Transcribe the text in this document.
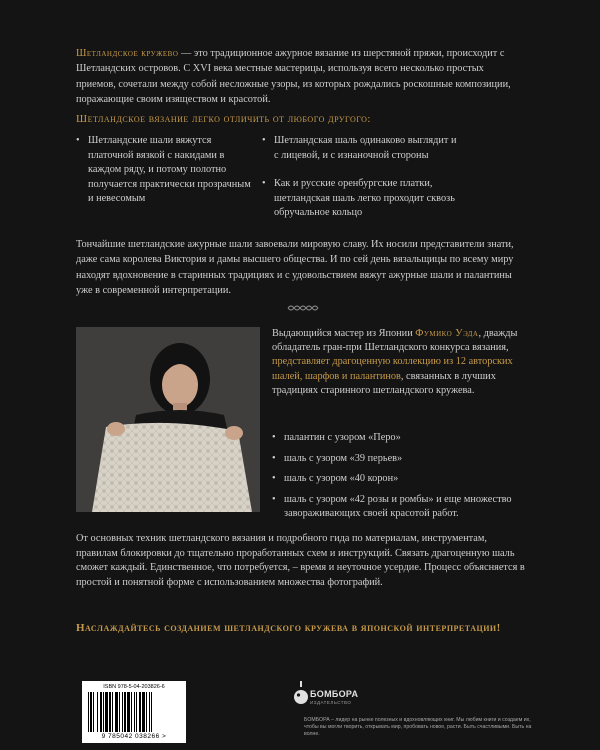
Шетландское кружево — это традиционное ажурное вязание из шерстяной пряжи, происходит с Шетландских островов. С XVI века местные мастерицы, используя всего несколько простых приемов, сочетали между собой несложные узоры, из которых рождались роскошные композиции, поражающие своим изяществом и красотой.

Шетландское вязание легко отличить от любого другого:

• Шетландские шали вяжутся платочной вязкой с накидами в каждом ряду, и потому полотно получается практически прозрачным и невесомым
• Шетландская шаль одинаково выглядит и с лицевой, и с изнаночной стороны
• Как и русские оренбургские платки, шетландская шаль легко проходит сквозь обручальное кольцо

Тончайшие шетландские ажурные шали завоевали мировую славу. Их носили представители знати, даже сама королева Виктория и дамы высшего общества. И по сей день вязальщицы по всему миру находят вдохновение в старинных традициях и с удовольствием вяжут ажурные шали и палантины уже в современной интерпретации.

Выдающийся мастер из Японии Фумико Уэда, дважды обладатель гран-при Шетландского конкурса вязания, представляет драгоценную коллекцию из 12 авторских шалей, шарфов и палантинов, связанных в лучших традициях старинного шетландского кружева.

• палантин с узором «Перо»
• шаль с узором «39 перьев»
• шаль с узором «40 корон»
• шаль с узором «42 розы и ромбы» и еще множество завораживающих своей красотой работ.

От основных техник шетландского вязания и подробного гида по материалам, инструментам, правилам блокировки до тщательно проработанных схем и инструкций. Связать драгоценную шаль сможет каждый. Единственное, что потребуется, – время и неуточное усердие. Процесс объясняется в простой и понятной форме с использованием множества фотографий.

Наслаждайтесь созданием шетландского кружева в японской интерпретации!

ISBN 978-5-04-203826-6
9 785042 038266 >
БОМБОРА
ИЗДАТЕЛЬСТВО

БОМБОРА – лидер на рынке полезных и вдохновляющих книг. Мы любим книги и создаем их, чтобы вы могли творить, открывать мир, пробовать новое, расти. Быть счастливыми. Быть на волне.
